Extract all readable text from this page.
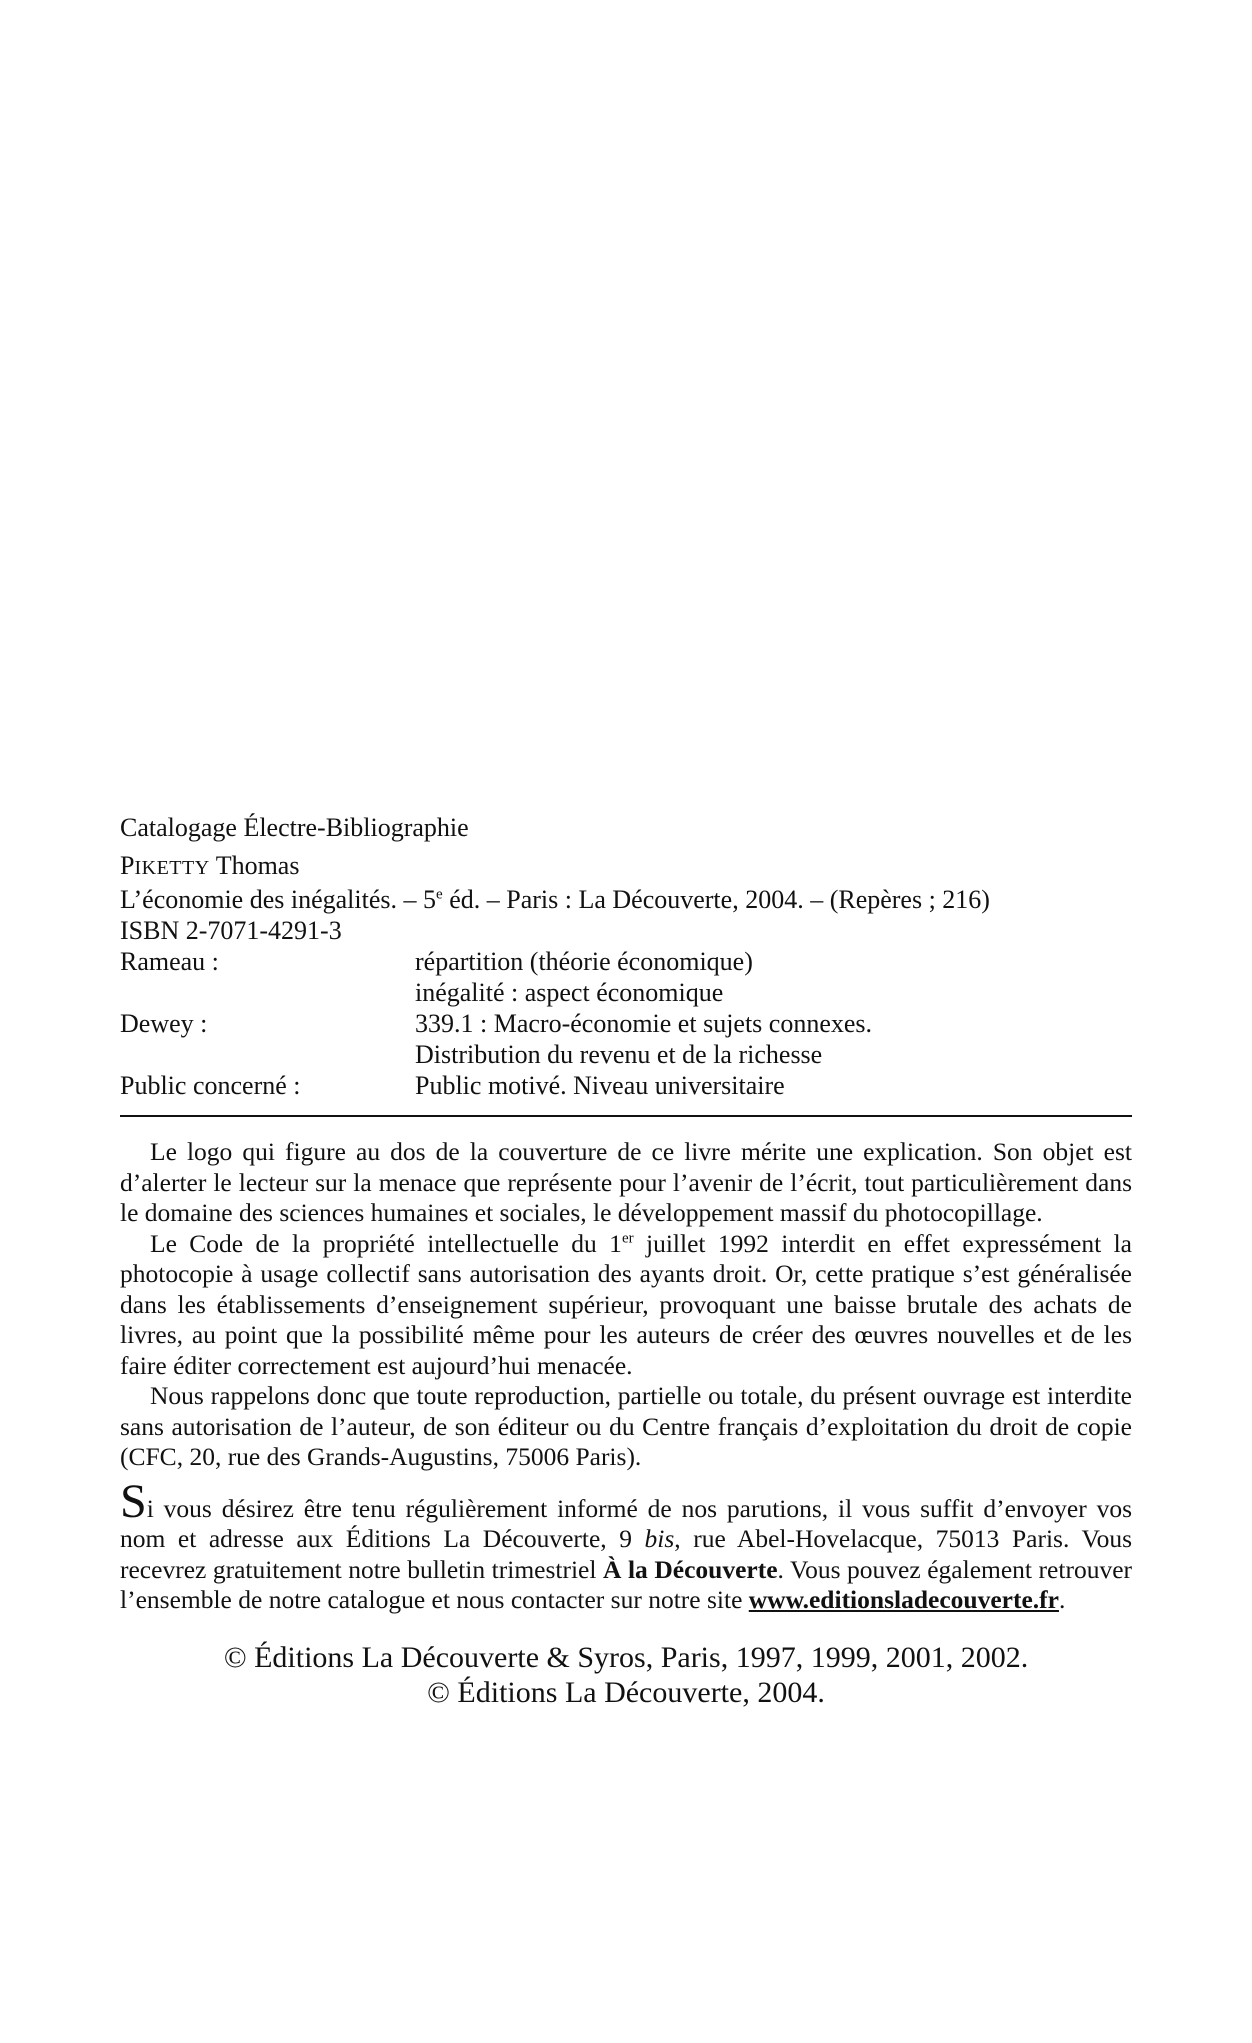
Catalogage Électre-Bibliographie
PIKETTY Thomas
L’économie des inégalités. – 5e éd. – Paris : La Découverte, 2004. – (Repères ; 216)
ISBN 2-7071-4291-3
Rameau :	répartition (théorie économique)
inégalité : aspect économique
Dewey :	339.1 : Macro-économie et sujets connexes.
Distribution du revenu et de la richesse
Public concerné :	Public motivé. Niveau universitaire

Le logo qui figure au dos de la couverture de ce livre mérite une explication. Son objet est d’alerter le lecteur sur la menace que représente pour l’avenir de l’écrit, tout particulièrement dans le domaine des sciences humaines et sociales, le développement massif du photocopillage.

Le Code de la propriété intellectuelle du 1er juillet 1992 interdit en effet expressément la photocopie à usage collectif sans autorisation des ayants droit. Or, cette pratique s’est généralisée dans les établissements d’enseignement supérieur, provoquant une baisse brutale des achats de livres, au point que la possibilité même pour les auteurs de créer des œuvres nouvelles et de les faire éditer correctement est aujourd’hui menacée.

Nous rappelons donc que toute reproduction, partielle ou totale, du présent ouvrage est interdite sans autorisation de l’auteur, de son éditeur ou du Centre français d’exploitation du droit de copie (CFC, 20, rue des Grands-Augustins, 75006 Paris).

Si vous désirez être tenu régulièrement informé de nos parutions, il vous suffit d’envoyer vos nom et adresse aux Éditions La Découverte, 9 bis, rue Abel-Hovelacque, 75013 Paris. Vous recevrez gratuitement notre bulletin trimestriel À la Découverte. Vous pouvez également retrouver l’ensemble de notre catalogue et nous contacter sur notre site www.editionsladecouverte.fr.
© Éditions La Découverte & Syros, Paris, 1997, 1999, 2001, 2002.
© Éditions La Découverte, 2004.
